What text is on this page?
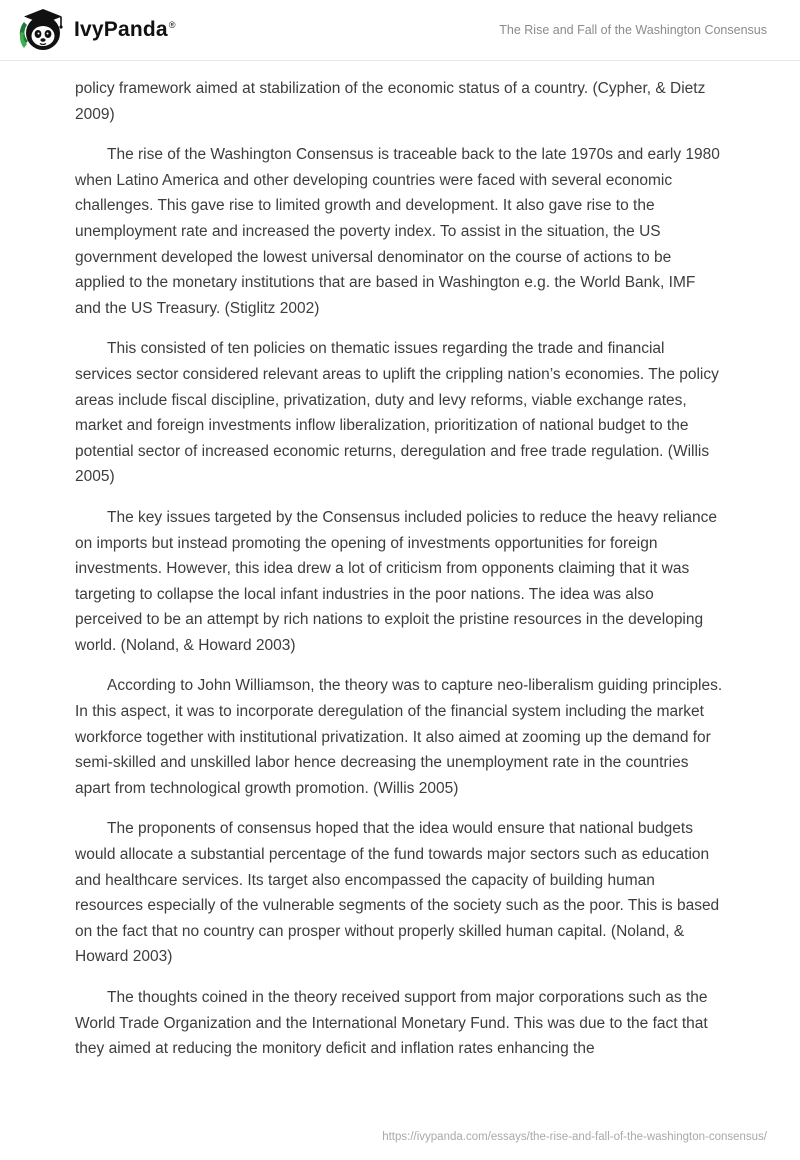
IvyPanda®	The Rise and Fall of the Washington Consensus

policy framework aimed at stabilization of the economic status of a country. (Cypher, & Dietz 2009)

The rise of the Washington Consensus is traceable back to the late 1970s and early 1980 when Latino America and other developing countries were faced with several economic challenges. This gave rise to limited growth and development. It also gave rise to the unemployment rate and increased the poverty index. To assist in the situation, the US government developed the lowest universal denominator on the course of actions to be applied to the monetary institutions that are based in Washington e.g. the World Bank, IMF and the US Treasury. (Stiglitz 2002)

This consisted of ten policies on thematic issues regarding the trade and financial services sector considered relevant areas to uplift the crippling nation’s economies. The policy areas include fiscal discipline, privatization, duty and levy reforms, viable exchange rates, market and foreign investments inflow liberalization, prioritization of national budget to the potential sector of increased economic returns, deregulation and free trade regulation. (Willis 2005)

The key issues targeted by the Consensus included policies to reduce the heavy reliance on imports but instead promoting the opening of investments opportunities for foreign investments. However, this idea drew a lot of criticism from opponents claiming that it was targeting to collapse the local infant industries in the poor nations. The idea was also perceived to be an attempt by rich nations to exploit the pristine resources in the developing world. (Noland, & Howard 2003)

According to John Williamson, the theory was to capture neo-liberalism guiding principles. In this aspect, it was to incorporate deregulation of the financial system including the market workforce together with institutional privatization. It also aimed at zooming up the demand for semi-skilled and unskilled labor hence decreasing the unemployment rate in the countries apart from technological growth promotion. (Willis 2005)

The proponents of consensus hoped that the idea would ensure that national budgets would allocate a substantial percentage of the fund towards major sectors such as education and healthcare services. Its target also encompassed the capacity of building human resources especially of the vulnerable segments of the society such as the poor. This is based on the fact that no country can prosper without properly skilled human capital. (Noland, & Howard 2003)

The thoughts coined in the theory received support from major corporations such as the World Trade Organization and the International Monetary Fund. This was due to the fact that they aimed at reducing the monitory deficit and inflation rates enhancing the

https://ivypanda.com/essays/the-rise-and-fall-of-the-washington-consensus/
